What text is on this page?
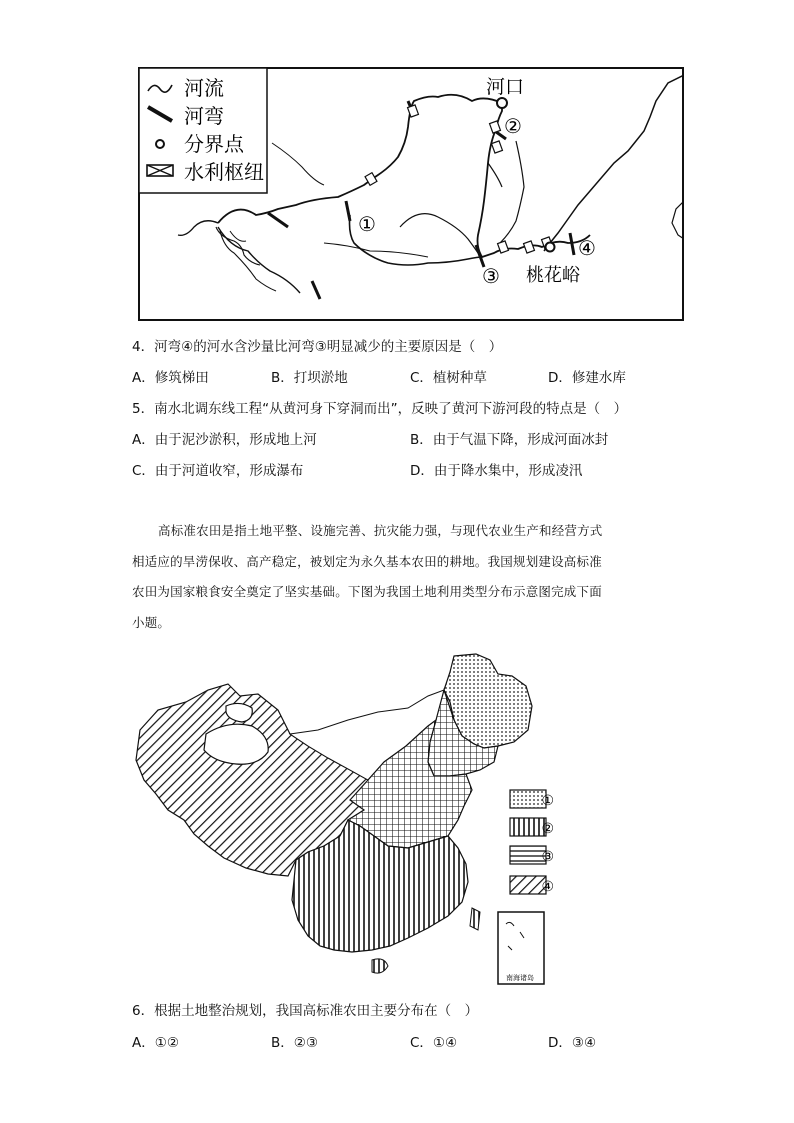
河流
河弯
分界点
水利枢纽
河口
桃花峪
①
②
③
④
4．河弯④的河水含沙量比河弯③明显减少的主要原因是（　）
A．修筑梯田	B．打坝淤地	C．植树种草	D．修建水库
5．南水北调东线工程“从黄河身下穿洞而出”，反映了黄河下游河段的特点是（　）
A．由于泥沙淤积，形成地上河	B．由于气温下降，形成河面冰封
C．由于河道收窄，形成瀑布	D．由于降水集中，形成凌汛
高标准农田是指土地平整、设施完善、抗灾能力强，与现代农业生产和经营方式
相适应的旱涝保收、高产稳定，被划定为永久基本农田的耕地。我国规划建设高标准
农田为国家粮食安全奠定了坚实基础。下图为我国土地利用类型分布示意图完成下面
小题。
南海诸岛
①
②
③
④
6．根据土地整治规划，我国高标准农田主要分布在（　）
A．①②	B．②③	C．①④	D．③④
